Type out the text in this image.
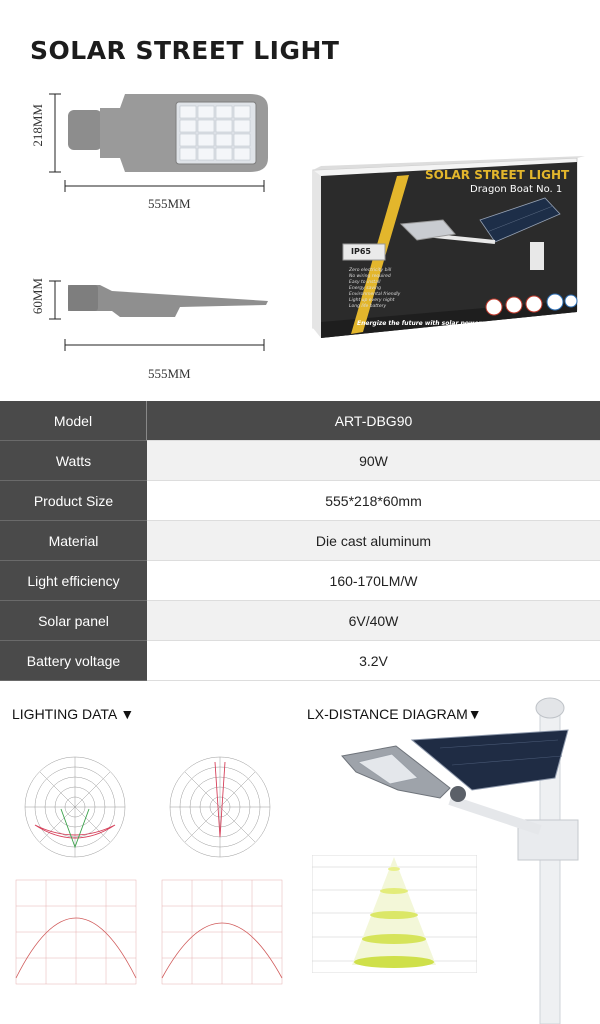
SOLAR STREET LIGHT
218MM
555MM
60MM
555MM
SOLAR STREET LIGHT
Dragon Boat No. 1
IP65
Zero electricity bill
No wiring required
Easy to install
Energy saving
Environmental friendly
Light up every night
Long life battery
Energize the future with solar power
Model	ART-DBG90
Watts	90W
Product Size	555*218*60mm
Material	Die cast aluminum
Light efficiency	160-170LM/W
Solar panel	6V/40W
Battery voltage	3.2V
LIGHTING DATA ▼	LX-DISTANCE DIAGRAM▼
